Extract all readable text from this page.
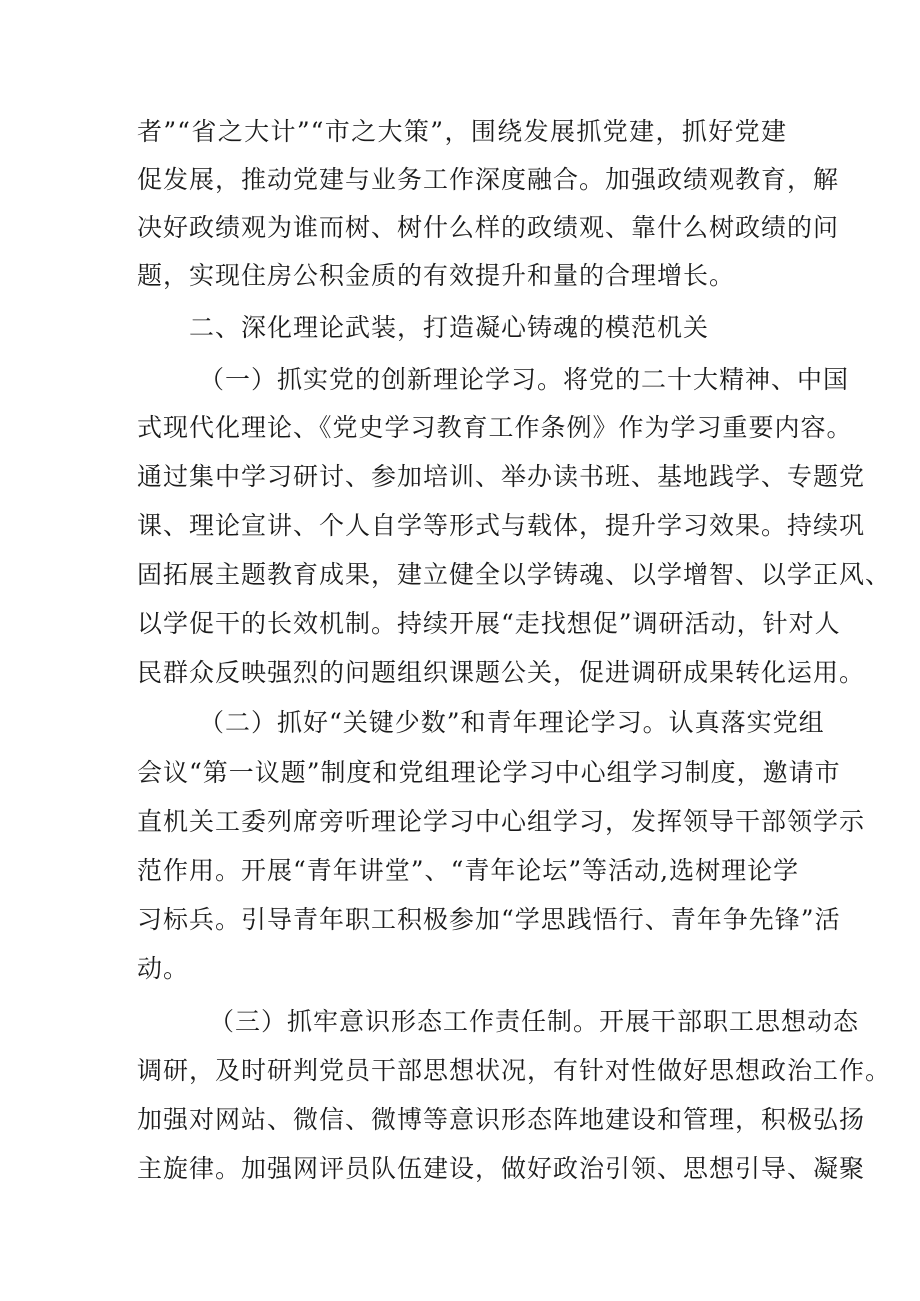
者”“省之大计”“市之大策”，围绕发展抓党建，抓好党建
促发展，推动党建与业务工作深度融合。加强政绩观教育，解
决好政绩观为谁而树、树什么样的政绩观、靠什么树政绩的问
题，实现住房公积金质的有效提升和量的合理增长。
二、深化理论武装，打造凝心铸魂的模范机关
（一）抓实党的创新理论学习。将党的二十大精神、中国
式现代化理论、《党史学习教育工作条例》作为学习重要内容。
通过集中学习研讨、参加培训、举办读书班、基地践学、专题党
课、理论宣讲、个人自学等形式与载体，提升学习效果。持续巩
固拓展主题教育成果，建立健全以学铸魂、以学增智、以学正风、
以学促干的长效机制。持续开展“走找想促”调研活动，针对人
民群众反映强烈的问题组织课题公关，促进调研成果转化运用。
（二）抓好“关键少数”和青年理论学习。认真落实党组
会议“第一议题”制度和党组理论学习中心组学习制度，邀请市
直机关工委列席旁听理论学习中心组学习，发挥领导干部领学示
范作用。开展“青年讲堂”、“青年论坛”等活动,选树理论学
习标兵。引导青年职工积极参加“学思践悟行、青年争先锋”活
动。
（三）抓牢意识形态工作责任制。开展干部职工思想动态
调研，及时研判党员干部思想状况，有针对性做好思想政治工作。
加强对网站、微信、微博等意识形态阵地建设和管理，积极弘扬
主旋律。加强网评员队伍建设，做好政治引领、思想引导、凝聚
